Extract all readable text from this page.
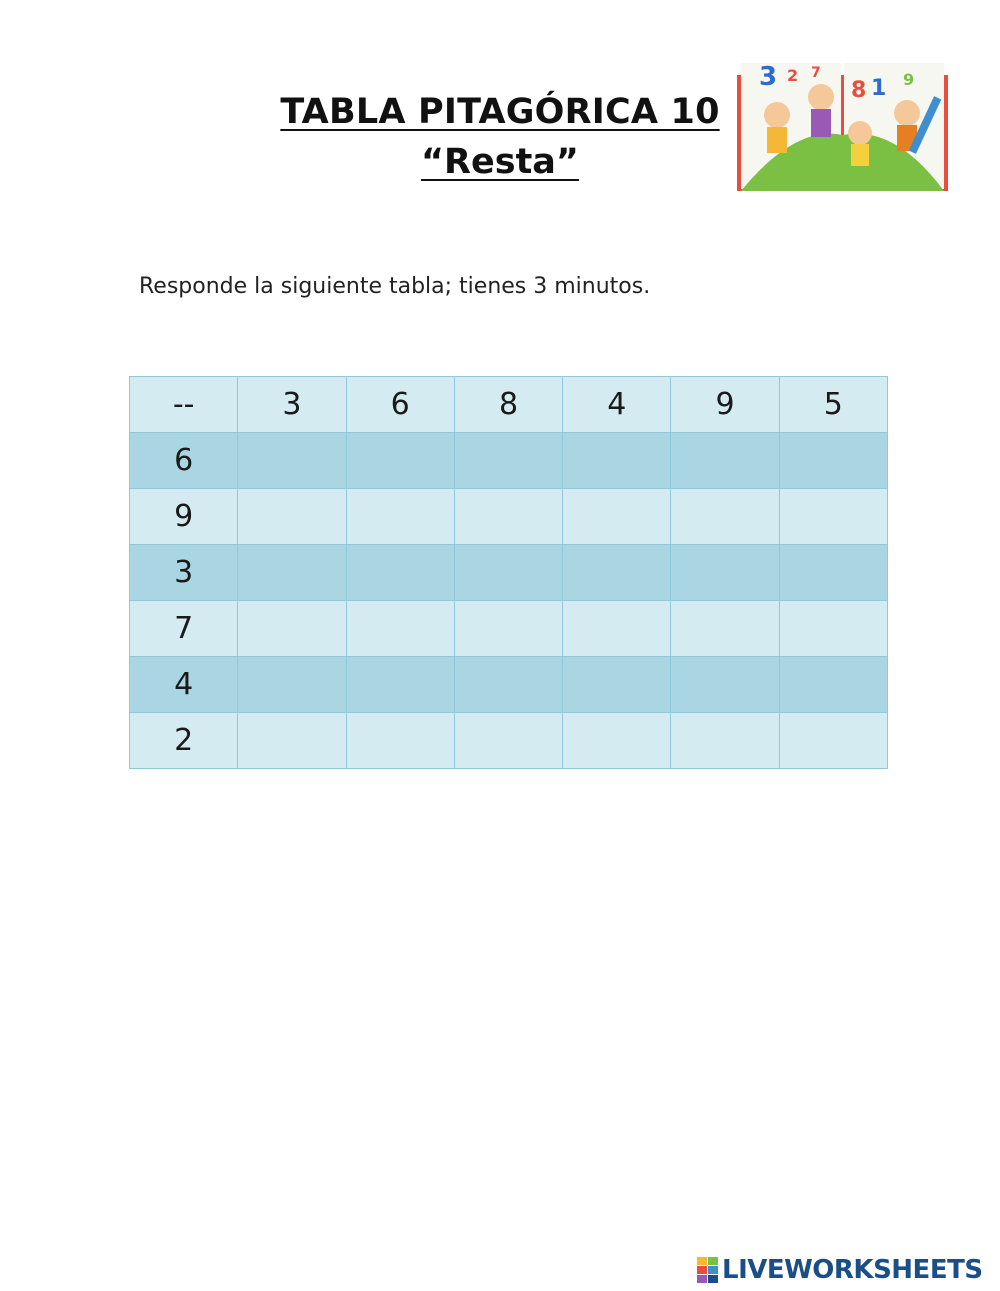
TABLA PITAGÓRICA 10
“Resta”
3 2 7
8 1 9
Responde la siguiente tabla; tienes 3 minutos.
--	3	6	8	4	9	5
6						
9						
3						
7						
4						
2						
LIVEWORKSHEETS
